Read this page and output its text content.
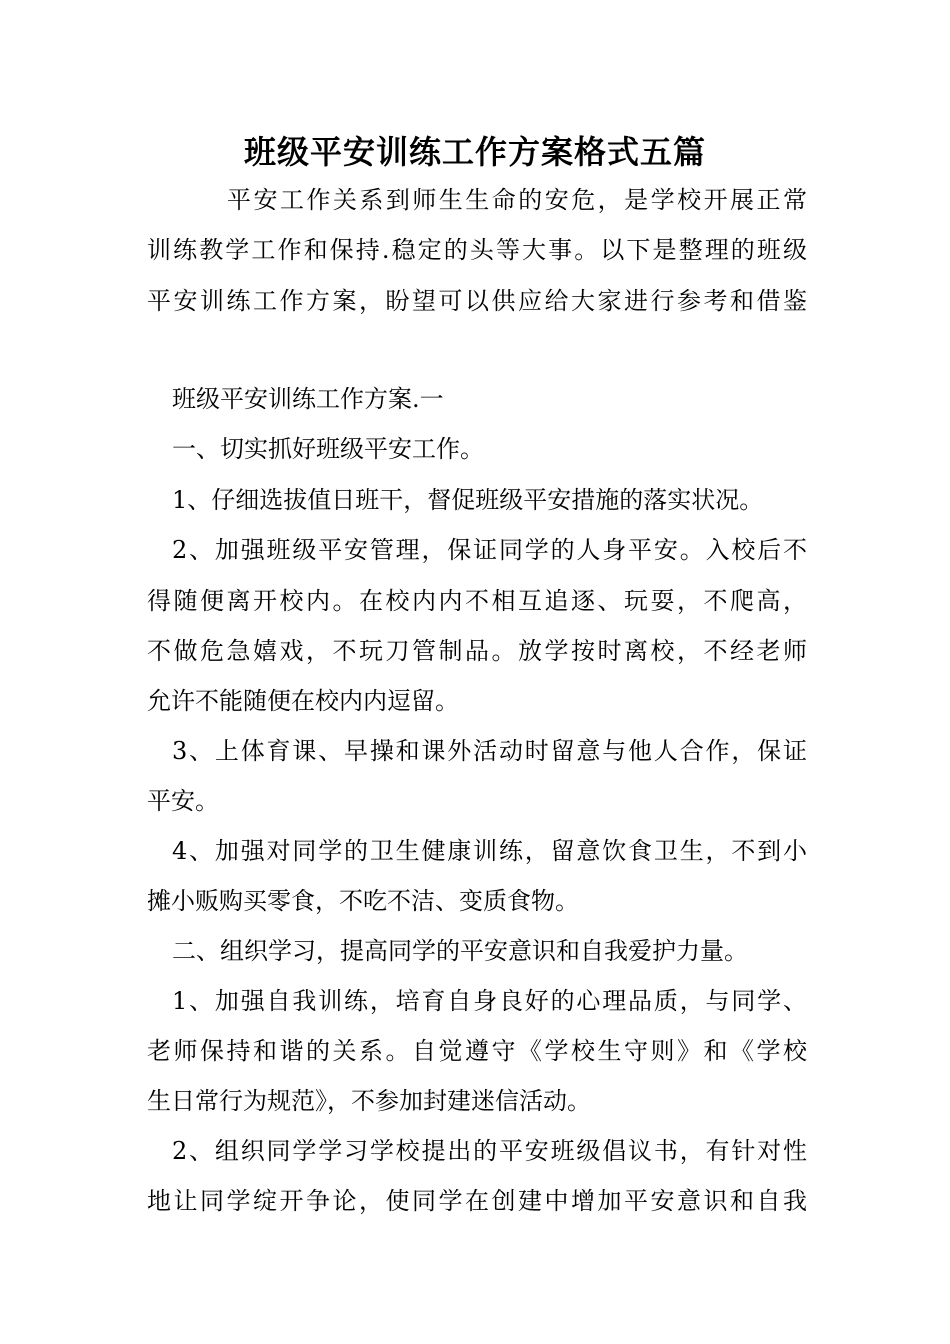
班级平安训练工作方案格式五篇
平安工作关系到师生生命的安危，是学校开展正常
训练教学工作和保持.稳定的头等大事。以下是整理的班级
平安训练工作方案，盼望可以供应给大家进行参考和借鉴
班级平安训练工作方案.一
一、切实抓好班级平安工作。
1、仔细选拔值日班干，督促班级平安措施的落实状况。
2、加强班级平安管理，保证同学的人身平安。入校后不
得随便离开校内。在校内内不相互追逐、玩耍，不爬高，
不做危急嬉戏，不玩刀管制品。放学按时离校，不经老师
允许不能随便在校内内逗留。
3、上体育课、早操和课外活动时留意与他人合作，保证
平安。
4、加强对同学的卫生健康训练，留意饮食卫生，不到小
摊小贩购买零食，不吃不洁、变质食物。
二、组织学习，提高同学的平安意识和自我爱护力量。
1、加强自我训练，培育自身良好的心理品质，与同学、
老师保持和谐的关系。自觉遵守《学校生守则》和《学校
生日常行为规范》，不参加封建迷信活动。
2、组织同学学习学校提出的平安班级倡议书，有针对性
地让同学绽开争论，使同学在创建中增加平安意识和自我
